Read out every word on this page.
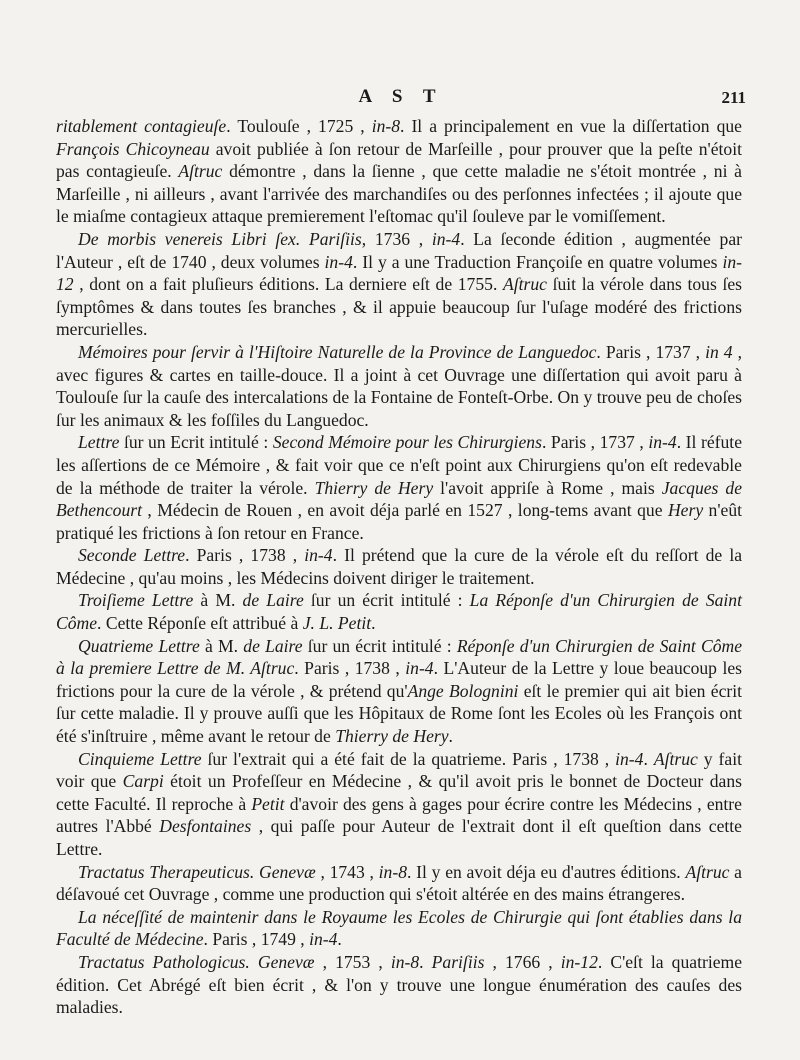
A S T	211

ritablement contagieuſe. Toulouſe , 1725 , in-8. Il a principalement en vue la diſſertation que François Chicoyneau avoit publiée à ſon retour de Marſeille , pour prouver que la peſte n'étoit pas contagieuſe. Aſtruc démontre , dans la ſienne , que cette maladie ne s'étoit montrée , ni à Marſeille , ni ailleurs , avant l'arrivée des marchandiſes ou des perſonnes infectées ; il ajoute que le miaſme contagieux attaque premierement l'eſtomac qu'il ſouleve par le vomiſſement.

De morbis venereis Libri ſex. Pariſiis, 1736 , in-4. La ſeconde édition , augmentée par l'Auteur , eſt de 1740 , deux volumes in-4. Il y a une Traduction Françoiſe en quatre volumes in-12 , dont on a fait pluſieurs éditions. La derniere eſt de 1755. Aſtruc ſuit la vérole dans tous ſes ſymptômes & dans toutes ſes branches , & il appuie beaucoup ſur l'uſage modéré des frictions mercurielles.

Mémoires pour ſervir à l'Hiſtoire Naturelle de la Province de Languedoc. Paris , 1737 , in 4 , avec figures & cartes en taille-douce. Il a joint à cet Ouvrage une diſſertation qui avoit paru à Toulouſe ſur la cauſe des intercalations de la Fontaine de Fonteſt-Orbe. On y trouve peu de choſes ſur les animaux & les foſſiles du Languedoc.

Lettre ſur un Ecrit intitulé : Second Mémoire pour les Chirurgiens. Paris , 1737 , in-4. Il réfute les aſſertions de ce Mémoire , & fait voir que ce n'eſt point aux Chirurgiens qu'on eſt redevable de la méthode de traiter la vérole. Thierry de Hery l'avoit appriſe à Rome , mais Jacques de Bethencourt , Médecin de Rouen , en avoit déja parlé en 1527 , long-tems avant que Hery n'eût pratiqué les frictions à ſon retour en France.

Seconde Lettre. Paris , 1738 , in-4. Il prétend que la cure de la vérole eſt du reſſort de la Médecine , qu'au moins , les Médecins doivent diriger le traitement.

Troiſieme Lettre à M. de Laire ſur un écrit intitulé : La Réponſe d'un Chirurgien de Saint Côme. Cette Réponſe eſt attribué à J. L. Petit.

Quatrieme Lettre à M. de Laire ſur un écrit intitulé : Réponſe d'un Chirurgien de Saint Côme à la premiere Lettre de M. Aſtruc. Paris , 1738 , in-4. L'Auteur de la Lettre y loue beaucoup les frictions pour la cure de la vérole , & prétend qu'Ange Bolognini eſt le premier qui ait bien écrit ſur cette maladie. Il y prouve auſſi que les Hôpitaux de Rome ſont les Ecoles où les François ont été s'inſtruire , même avant le retour de Thierry de Hery.

Cinquieme Lettre ſur l'extrait qui a été fait de la quatrieme. Paris , 1738 , in-4. Aſtruc y fait voir que Carpi étoit un Profeſſeur en Médecine , & qu'il avoit pris le bonnet de Docteur dans cette Faculté. Il reproche à Petit d'avoir des gens à gages pour écrire contre les Médecins , entre autres l'Abbé Desfontaines , qui paſſe pour Auteur de l'extrait dont il eſt queſtion dans cette Lettre.

Tractatus Therapeuticus. Genevæ , 1743 , in-8. Il y en avoit déja eu d'autres éditions. Aſtruc a déſavoué cet Ouvrage , comme une production qui s'étoit altérée en des mains étrangeres.

La néceſſité de maintenir dans le Royaume les Ecoles de Chirurgie qui ſont établies dans la Faculté de Médecine. Paris , 1749 , in-4.

Tractatus Pathologicus. Genevæ , 1753 , in-8. Pariſiis , 1766 , in-12. C'eſt la quatrieme édition. Cet Abrégé eſt bien écrit , & l'on y trouve une longue énumération des cauſes des maladies.
